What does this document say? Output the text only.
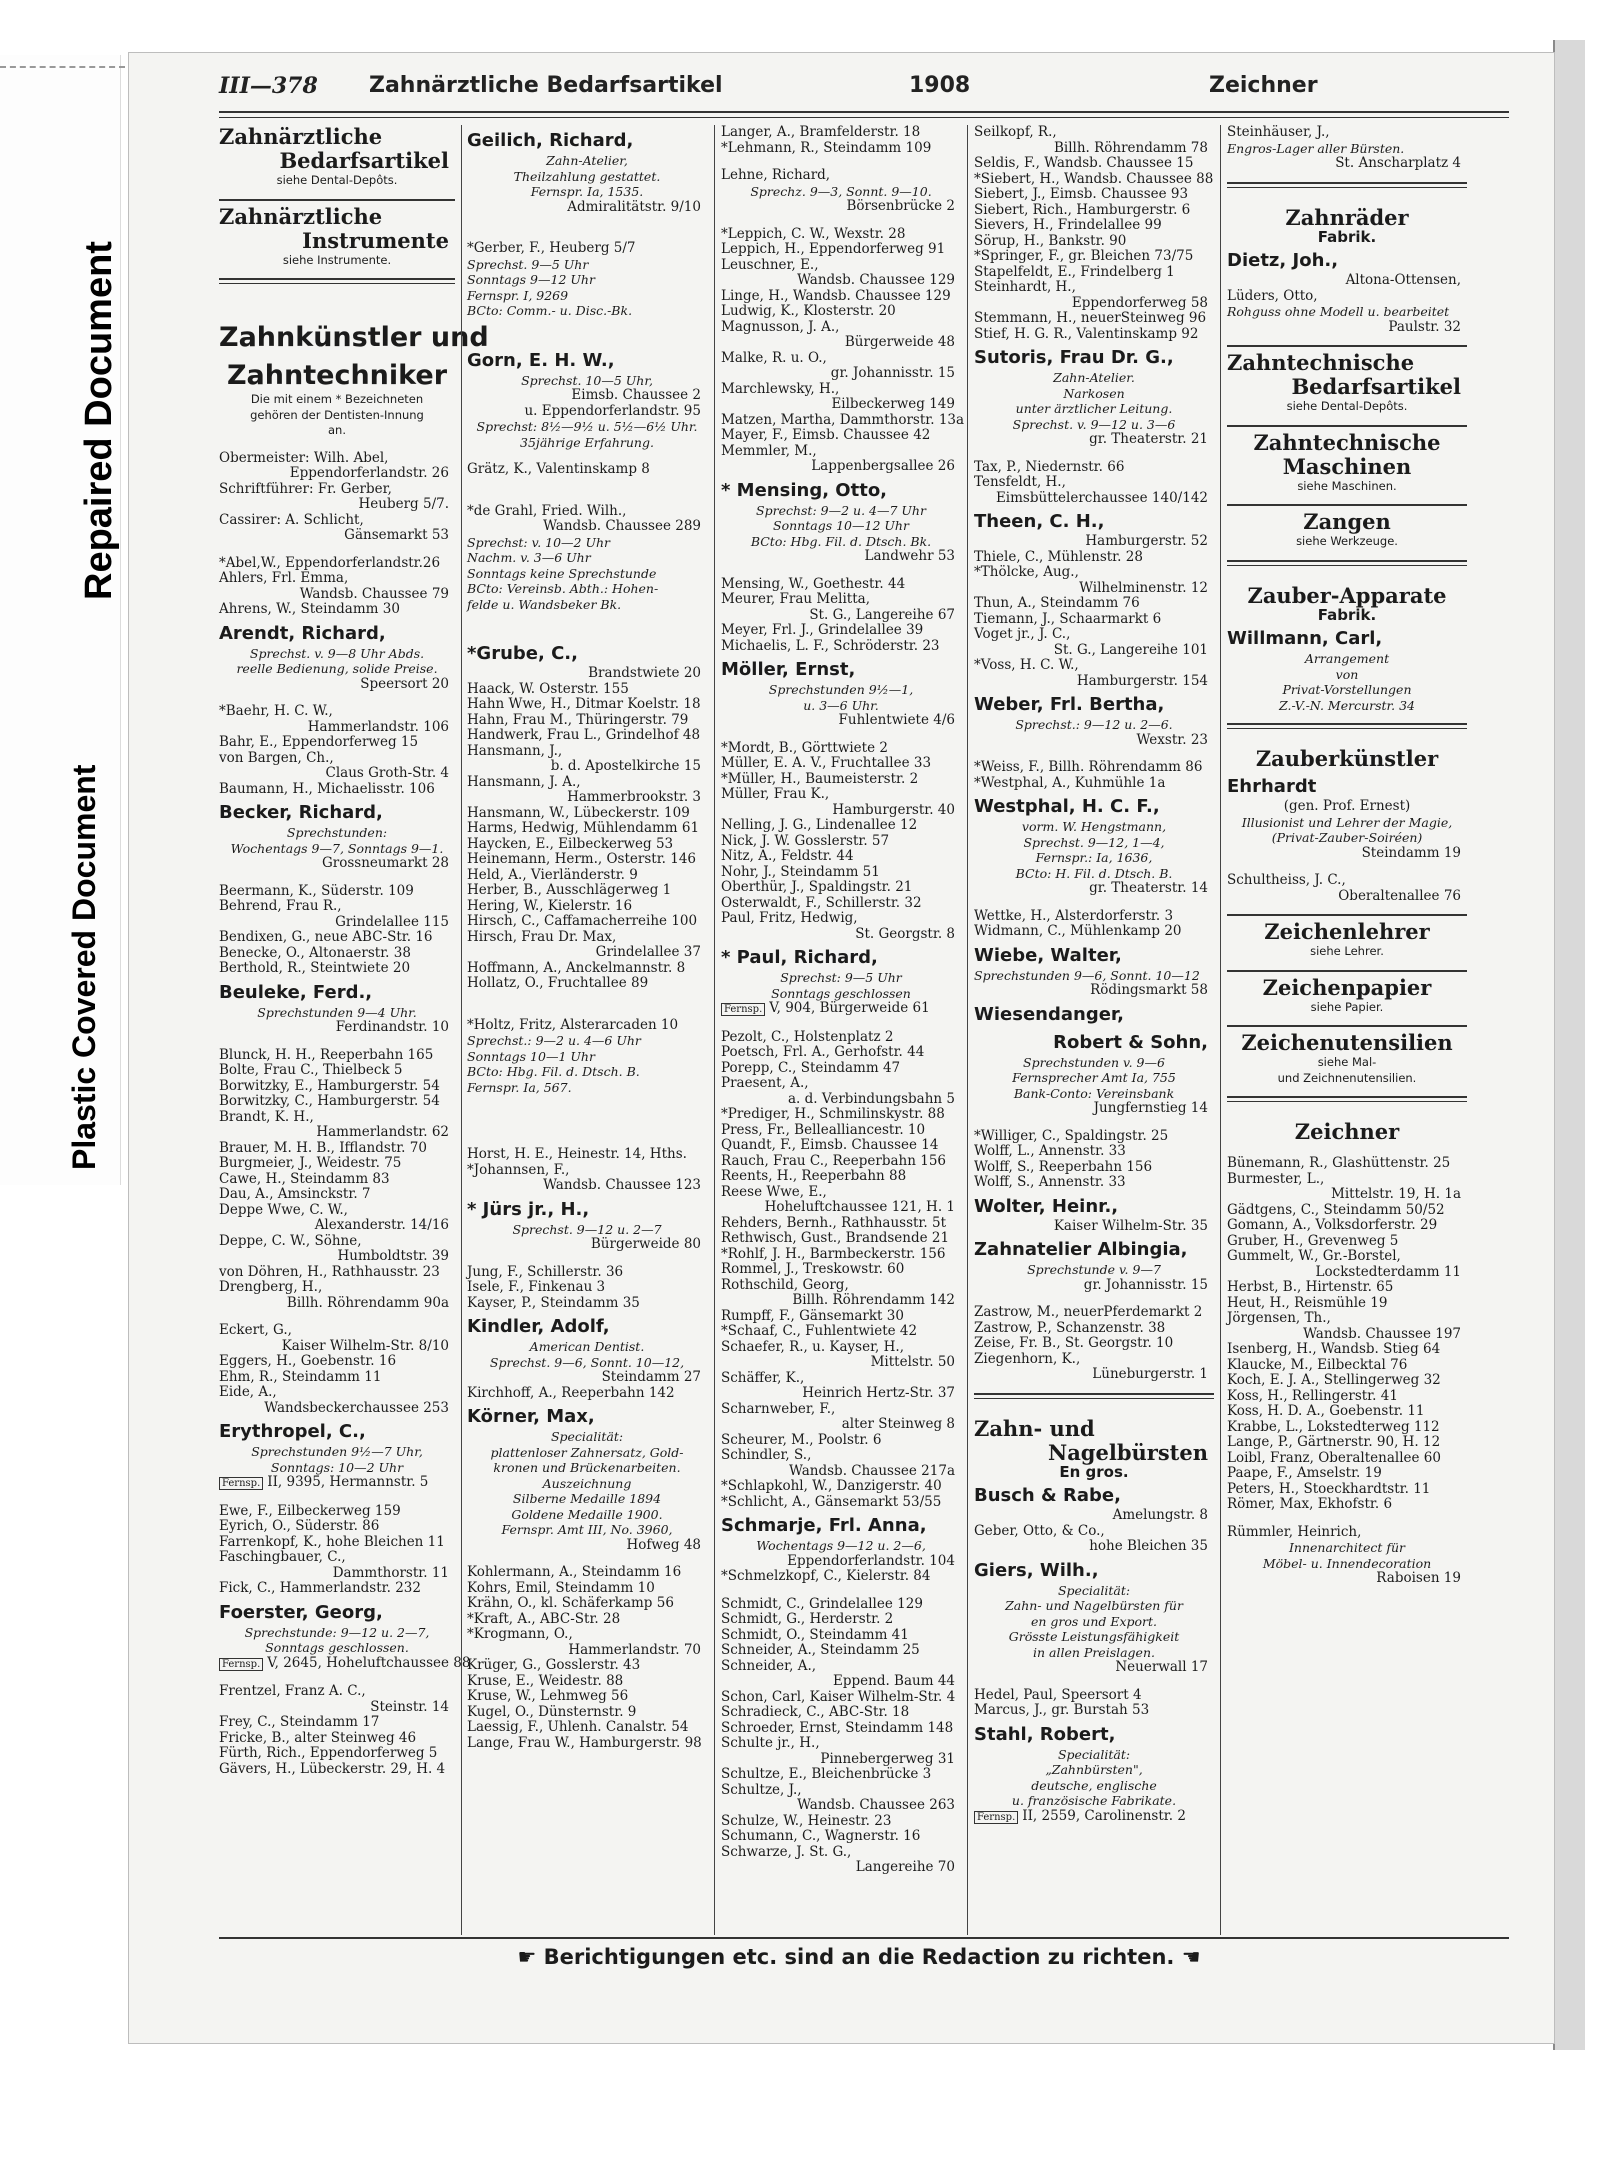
Repaired Document
Plastic Covered Document
III—378 Zahnärztliche Bedarfsartikel	1908	Zeichner
Zahnärztliche
Bedarfsartikel
siehe Dental-Depôts.
Zahnärztliche
Instrumente
siehe Instrumente.
Zahnkünstler und
Zahntechniker
Die mit einem * Bezeichneten
gehören der Dentisten-Innung
an.
Obermeister: Wilh. Abel,
Eppendorferlandstr. 26
Schriftführer: Fr. Gerber,
Heuberg 5/7.
Cassirer: A. Schlicht,
Gänsemarkt 53
*Abel,W., Eppendorferlandstr.26
Ahlers, Frl. Emma,
Wandsb. Chaussee 79
Ahrens, W., Steindamm 30
Arendt, Richard,
Sprechst. v. 9—8 Uhr Abds.
reelle Bedienung, solide Preise.
Speersort 20
*Baehr, H. C. W.,
Hammerlandstr. 106
Bahr, E., Eppendorferweg 15
von Bargen, Ch.,
Claus Groth-Str. 4
Baumann, H., Michaelisstr. 106
Becker, Richard,
Sprechstunden:
Wochentags 9—7, Sonntags 9—1.
Grossneumarkt 28
Beermann, K., Süderstr. 109
Behrend, Frau R.,
Grindelallee 115
Bendixen, G., neue ABC-Str. 16
Benecke, O., Altonaerstr. 38
Berthold, R., Steintwiete 20
Beuleke, Ferd.,
Sprechstunden 9—4 Uhr.
Ferdinandstr. 10
Blunck, H. H., Reeperbahn 165
Bolte, Frau C., Thielbeck 5
Borwitzky, E., Hamburgerstr. 54
Borwitzky, C., Hamburgerstr. 54
Brandt, K. H.,
Hammerlandstr. 62
Brauer, M. H. B., Ifflandstr. 70
Burgmeier, J., Weidestr. 75
Cawe, H., Steindamm 83
Dau, A., Amsinckstr. 7
Deppe Wwe, C. W.,
Alexanderstr. 14/16
Deppe, C. W., Söhne,
Humboldtstr. 39
von Döhren, H., Rathhausstr. 23
Drengberg, H.,
Billh. Röhrendamm 90a
Eckert, G.,
Kaiser Wilhelm-Str. 8/10
Eggers, H., Goebenstr. 16
Ehm, R., Steindamm 11
Eide, A.,
Wandsbeckerchaussee 253
Erythropel, C.,
Sprechstunden 9½—7 Uhr,
Sonntags: 10—2 Uhr
Fernsp. II, 9395, Hermannstr. 5
Ewe, F., Eilbeckerweg 159
Eyrich, O., Süderstr. 86
Farrenkopf, K., hohe Bleichen 11
Faschingbauer, C.,
Dammthorstr. 11
Fick, C., Hammerlandstr. 232
Foerster, Georg,
Sprechstunde: 9—12 u. 2—7,
Sonntags geschlossen.
Fernsp. V, 2645, Hoheluftchaussee 88
Frentzel, Franz A. C.,
Steinstr. 14
Frey, C., Steindamm 17
Fricke, B., alter Steinweg 46
Fürth, Rich., Eppendorferweg 5
Gävers, H., Lübeckerstr. 29, H. 4
Geilich, Richard,
Zahn-Atelier,
Theilzahlung gestattet.
Fernspr. Ia, 1535.
Admiralitätstr. 9/10
*Gerber, F., Heuberg 5/7
Sprechst. 9—5 Uhr
Sonntags 9—12 Uhr
Fernspr. I, 9269
BCto: Comm.- u. Disc.-Bk.
Gorn, E. H. W.,
Sprechst. 10—5 Uhr,
Eimsb. Chaussee 2
u. Eppendorferlandstr. 95
Sprechst: 8½—9½ u. 5½—6½ Uhr.
35jährige Erfahrung.
Grätz, K., Valentinskamp 8
*de Grahl, Fried. Wilh.,
Wandsb. Chaussee 289
Sprechst: v. 10—2 Uhr
Nachm. v. 3—6 Uhr
Sonntags keine Sprechstunde
BCto: Vereinsb. Abth.: Hohen-
felde u. Wandsbeker Bk.
*Grube, C.,
Brandstwiete 20
Haack, W. Osterstr. 155
Hahn Wwe, H., Ditmar Koelstr. 18
Hahn, Frau M., Thüringerstr. 79
Handwerk, Frau L., Grindelhof 48
Hansmann, J.,
b. d. Apostelkirche 15
Hansmann, J. A.,
Hammerbrookstr. 3
Hansmann, W., Lübeckerstr. 109
Harms, Hedwig, Mühlendamm 61
Haycken, E., Eilbeckerweg 53
Heinemann, Herm., Osterstr. 146
Held, A., Vierländerstr. 9
Herber, B., Ausschlägerweg 1
Hering, W., Kielerstr. 16
Hirsch, C., Caffamacherreihe 100
Hirsch, Frau Dr. Max,
Grindelallee 37
Hoffmann, A., Anckelmannstr. 8
Hollatz, O., Fruchtallee 89
*Holtz, Fritz, Alsterarcaden 10
Sprechst.: 9—2 u. 4—6 Uhr
Sonntags 10—1 Uhr
BCto: Hbg. Fil. d. Dtsch. B.
Fernspr. Ia, 567.
Horst, H. E., Heinestr. 14, Hths.
*Johannsen, F.,
Wandsb. Chaussee 123
* Jürs jr., H.,
Sprechst. 9—12 u. 2—7
Bürgerweide 80
Jung, F., Schillerstr. 36
Isele, F., Finkenau 3
Kayser, P., Steindamm 35
Kindler, Adolf,
American Dentist.
Sprechst. 9—6, Sonnt. 10—12,
Steindamm 27
Kirchhoff, A., Reeperbahn 142
Körner, Max,
Specialität:
plattenloser Zahnersatz, Gold-
kronen und Brückenarbeiten.
Auszeichnung
Silberne Medaille 1894
Goldene Medaille 1900.
Fernspr. Amt III, No. 3960,
Hofweg 48
Kohlermann, A., Steindamm 16
Kohrs, Emil, Steindamm 10
Krähn, O., kl. Schäferkamp 56
*Kraft, A., ABC-Str. 28
*Krogmann, O.,
Hammerlandstr. 70
Krüger, G., Gosslerstr. 43
Kruse, E., Weidestr. 88
Kruse, W., Lehmweg 56
Kugel, O., Dünsternstr. 9
Laessig, F., Uhlenh. Canalstr. 54
Lange, Frau W., Hamburgerstr. 98
Langer, A., Bramfelderstr. 18
*Lehmann, R., Steindamm 109
Lehne, Richard,
Sprechz. 9—3, Sonnt. 9—10.
Börsenbrücke 2
*Leppich, C. W., Wexstr. 28
Leppich, H., Eppendorferweg 91
Leuschner, E.,
Wandsb. Chaussee 129
Linge, H., Wandsb. Chaussee 129
Ludwig, K., Klosterstr. 20
Magnusson, J. A.,
Bürgerweide 48
Malke, R. u. O.,
gr. Johannisstr. 15
Marchlewsky, H.,
Eilbeckerweg 149
Matzen, Martha, Dammthorstr. 13a
Mayer, F., Eimsb. Chaussee 42
Memmler, M.,
Lappenbergsallee 26
* Mensing, Otto,
Sprechst: 9—2 u. 4—7 Uhr
Sonntags 10—12 Uhr
BCto: Hbg. Fil. d. Dtsch. Bk.
Landwehr 53
Mensing, W., Goethestr. 44
Meurer, Frau Melitta,
St. G., Langereihe 67
Meyer, Frl. J., Grindelallee 39
Michaelis, L. F., Schröderstr. 23
Möller, Ernst,
Sprechstunden 9½—1,
u. 3—6 Uhr.
Fuhlentwiete 4/6
*Mordt, B., Görttwiete 2
Müller, E. A. V., Fruchtallee 33
*Müller, H., Baumeisterstr. 2
Müller, Frau K.,
Hamburgerstr. 40
Nelling, J. G., Lindenallee 12
Nick, J. W. Gosslerstr. 57
Nitz, A., Feldstr. 44
Nohr, J., Steindamm 51
Oberthür, J., Spaldingstr. 21
Osterwaldt, F., Schillerstr. 32
Paul, Fritz, Hedwig,
St. Georgstr. 8
* Paul, Richard,
Sprechst: 9—5 Uhr
Sonntags geschlossen
Fernsp. V, 904, Bürgerweide 61
Pezolt, C., Holstenplatz 2
Poetsch, Frl. A., Gerhofstr. 44
Porepp, C., Steindamm 47
Praesent, A.,
a. d. Verbindungsbahn 5
*Prediger, H., Schmilinskystr. 88
Press, Fr., Bellealliancestr. 10
Quandt, F., Eimsb. Chaussee 14
Rauch, Frau C., Reeperbahn 156
Reents, H., Reeperbahn 88
Reese Wwe, E.,
Hoheluftchaussee 121, H. 1
Rehders, Bernh., Rathhausstr. 5t
Rethwisch, Gust., Brandsende 21
*Rohlf, J. H., Barmbeckerstr. 156
Rommel, J., Treskowstr. 60
Rothschild, Georg,
Billh. Röhrendamm 142
Rumpff, F., Gänsemarkt 30
*Schaaf, C., Fuhlentwiete 42
Schaefer, R., u. Kayser, H.,
Mittelstr. 50
Schäffer, K.,
Heinrich Hertz-Str. 37
Scharnweber, F.,
alter Steinweg 8
Scheurer, M., Poolstr. 6
Schindler, S.,
Wandsb. Chaussee 217a
*Schlapkohl, W., Danzigerstr. 40
*Schlicht, A., Gänsemarkt 53/55
Schmarje, Frl. Anna,
Wochentags 9—12 u. 2—6,
Eppendorferlandstr. 104
*Schmelzkopf, C., Kielerstr. 84
Schmidt, C., Grindelallee 129
Schmidt, G., Herderstr. 2
Schmidt, O., Steindamm 41
Schneider, A., Steindamm 25
Schneider, A.,
Eppend. Baum 44
Schon, Carl, Kaiser Wilhelm-Str. 4
Schradieck, C., ABC-Str. 18
Schroeder, Ernst, Steindamm 148
Schulte jr., H.,
Pinnebergerweg 31
Schultze, E., Bleichenbrücke 3
Schultze, J.,
Wandsb. Chaussee 263
Schulze, W., Heinestr. 23
Schumann, C., Wagnerstr. 16
Schwarze, J. St. G.,
Langereihe 70
Seilkopf, R.,
Billh. Röhrendamm 78
Seldis, F., Wandsb. Chaussee 15
*Siebert, H., Wandsb. Chaussee 88
Siebert, J., Eimsb. Chaussee 93
Siebert, Rich., Hamburgerstr. 6
Sievers, H., Frindelallee 99
Sörup, H., Bankstr. 90
*Springer, F., gr. Bleichen 73/75
Stapelfeldt, E., Frindelberg 1
Steinhardt, H.,
Eppendorferweg 58
Stemmann, H., neuerSteinweg 96
Stief, H. G. R., Valentinskamp 92
Sutoris, Frau Dr. G.,
Zahn-Atelier.
Narkosen
unter ärztlicher Leitung.
Sprechst. v. 9—12 u. 3—6
gr. Theaterstr. 21
Tax, P., Niedernstr. 66
Tensfeldt, H.,
Eimsbüttelerchaussee 140/142
Theen, C. H.,
Hamburgerstr. 52
Thiele, C., Mühlenstr. 28
*Thölcke, Aug.,
Wilhelminenstr. 12
Thun, A., Steindamm 76
Tiemann, J., Schaarmarkt 6
Voget jr., J. C.,
St. G., Langereihe 101
*Voss, H. C. W.,
Hamburgerstr. 154
Weber, Frl. Bertha,
Sprechst.: 9—12 u. 2—6.
Wexstr. 23
*Weiss, F., Billh. Röhrendamm 86
*Westphal, A., Kuhmühle 1a
Westphal, H. C. F.,
vorm. W. Hengstmann,
Sprechst. 9—12, 1—4,
Fernspr.: Ia, 1636,
BCto: H. Fil. d. Dtsch. B.
gr. Theaterstr. 14
Wettke, H., Alsterdorferstr. 3
Widmann, C., Mühlenkamp 20
Wiebe, Walter,
Sprechstunden 9—6, Sonnt. 10—12
Rödingsmarkt 58
Wiesendanger,
Robert & Sohn,
Sprechstunden v. 9—6
Fernsprecher Amt Ia, 755
Bank-Conto: Vereinsbank
Jungfernstieg 14
*Williger, C., Spaldingstr. 25
Wolff, L., Annenstr. 33
Wolff, S., Reeperbahn 156
Wolff, S., Annenstr. 33
Wolter, Heinr.,
Kaiser Wilhelm-Str. 35
Zahnatelier Albingia,
Sprechstunde v. 9—7
gr. Johannisstr. 15
Zastrow, M., neuerPferdemarkt 2
Zastrow, P., Schanzenstr. 38
Zeise, Fr. B., St. Georgstr. 10
Ziegenhorn, K.,
Lüneburgerstr. 1
Zahn- und
Nagelbürsten
En gros.
Busch & Rabe,
Amelungstr. 8
Geber, Otto, & Co.,
hohe Bleichen 35
Giers, Wilh.,
Specialität:
Zahn- und Nagelbürsten für
en gros und Export.
Grösste Leistungsfähigkeit
in allen Preislagen.
Neuerwall 17
Hedel, Paul, Speersort 4
Marcus, J., gr. Burstah 53
Stahl, Robert,
Specialität:
„Zahnbürsten",
deutsche, englische
u. französische Fabrikate.
Fernsp. II, 2559, Carolinenstr. 2
Steinhäuser, J.,
Engros-Lager aller Bürsten.
St. Anscharplatz 4
Zahnräder
Fabrik.
Dietz, Joh.,
Altona-Ottensen,
Lüders, Otto,
Rohguss ohne Modell u. bearbeitet
Paulstr. 32
Zahntechnische
Bedarfsartikel
siehe Dental-Depôts.
Zahntechnische
Maschinen
siehe Maschinen.
Zangen
siehe Werkzeuge.
Zauber-Apparate
Fabrik.
Willmann, Carl,
Arrangement
von
Privat-Vorstellungen
Z.-V.-N. Mercurstr. 34
Zauberkünstler
Ehrhardt
(gen. Prof. Ernest)
Illusionist und Lehrer der Magie,
(Privat-Zauber-Soiréen)
Steindamm 19
Schultheiss, J. C.,
Oberaltenallee 76
Zeichenlehrer
siehe Lehrer.
Zeichenpapier
siehe Papier.
Zeichenutensilien
siehe Mal-
und Zeichnenutensilien.
Zeichner
Bünemann, R., Glashüttenstr. 25
Burmester, L.,
Mittelstr. 19, H. 1a
Gädtgens, C., Steindamm 50/52
Gomann, A., Volksdorferstr. 29
Gruber, H., Grevenweg 5
Gummelt, W., Gr.-Borstel,
Lockstedterdamm 11
Herbst, B., Hirtenstr. 65
Heut, H., Reismühle 19
Jörgensen, Th.,
Wandsb. Chaussee 197
Isenberg, H., Wandsb. Stieg 64
Klaucke, M., Eilbecktal 76
Koch, E. J. A., Stellingerweg 32
Koss, H., Rellingerstr. 41
Koss, H. D. A., Goebenstr. 11
Krabbe, L., Lokstedterweg 112
Lange, P., Gärtnerstr. 90, H. 12
Loibl, Franz, Oberaltenallee 60
Paape, F., Amselstr. 19
Peters, H., Stoeckhardtstr. 11
Römer, Max, Ekhofstr. 6
Rümmler, Heinrich,
Innenarchitect für
Möbel- u. Innendecoration
Raboisen 19
☛ Berichtigungen etc. sind an die Redaction zu richten. ☚
